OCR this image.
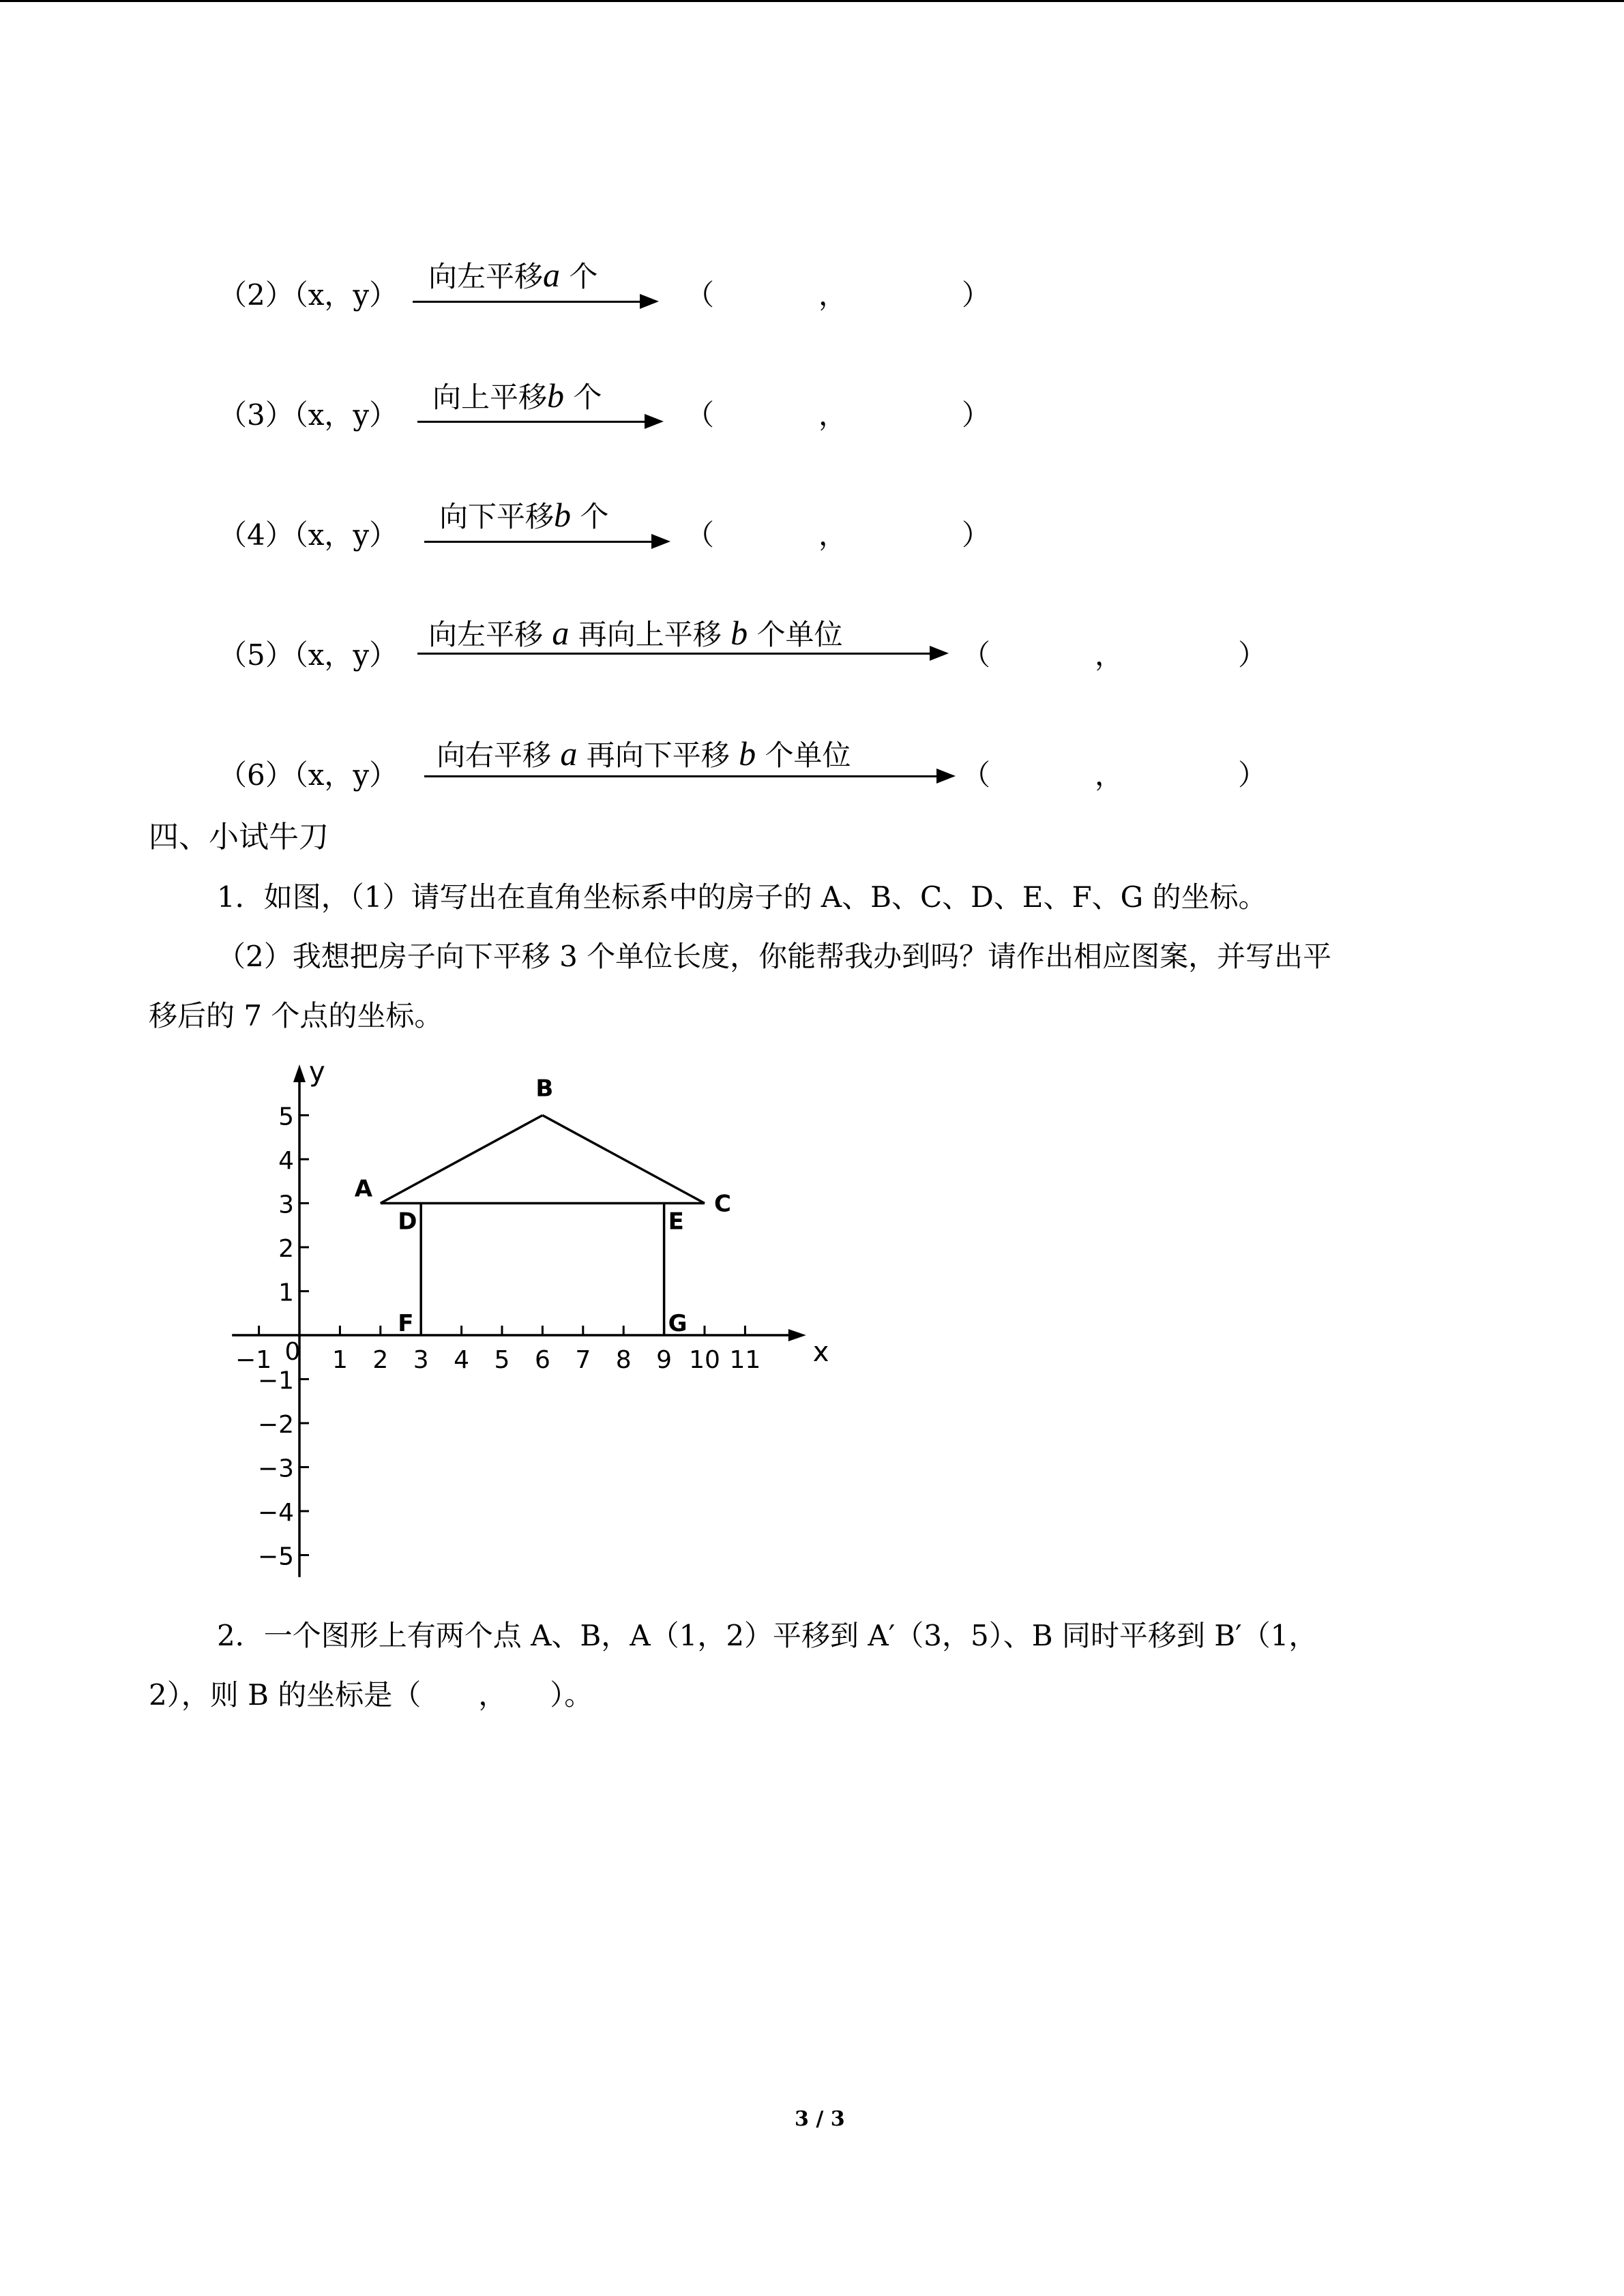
（2）（x，y）
向左平移a 个
（	，	）
（3）（x，y）
向上平移b 个
（	，	）
（4）（x，y）
向下平移b 个
（	，	）
（5）（x，y）
向左平移 a 再向上平移 b 个单位
（	，	）
（6）（x，y）
向右平移 a 再向下平移 b 个单位
（	，	）
四、小试牛刀
1．如图，（1）请写出在直角坐标系中的房子的 A、B、C、D、E、F、G 的坐标。
（2）我想把房子向下平移 3 个单位长度，你能帮我办到吗？请作出相应图案，并写出平
移后的 7 个点的坐标。
x
y
0
−1 1 2 3 4 5 6 7 8 9 10 11
5
4
3
2
1
−1
−2
−3
−4
−5
A
B
C
D	E
F	G
2．一个图形上有两个点 A、B，A（1，2）平移到 A′（3，5）、B 同时平移到 B′（1，
2），则 B 的坐标是（　　，　　）。
3 / 3
